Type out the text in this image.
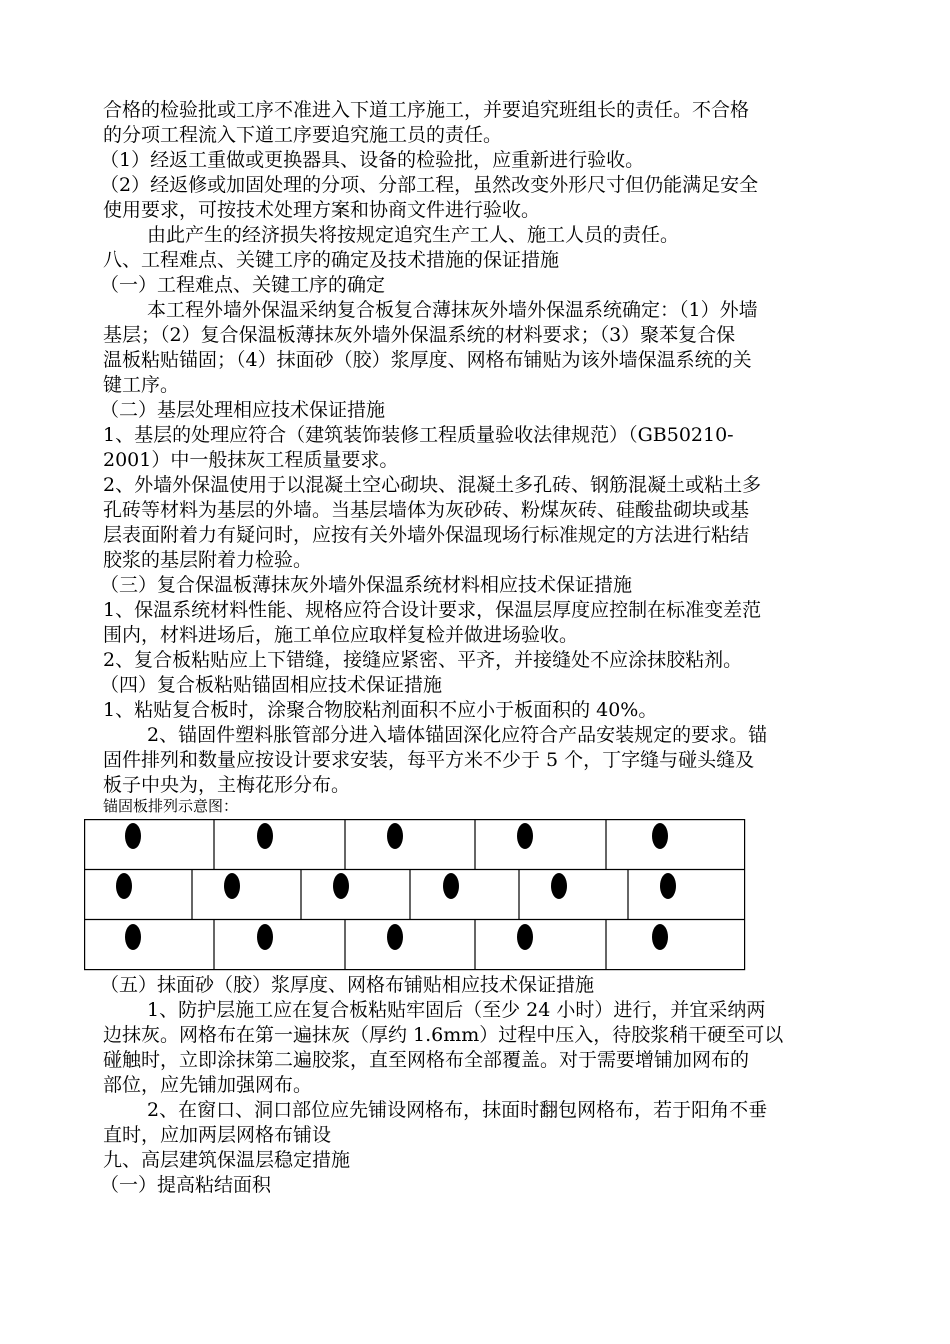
合格的检验批或工序不准进入下道工序施工，并要追究班组长的责任。不合格
的分项工程流入下道工序要追究施工员的责任。
（1）经返工重做或更换器具、设备的检验批，应重新进行验收。
（2）经返修或加固处理的分项、分部工程，虽然改变外形尺寸但仍能满足安全
使用要求，可按技术处理方案和协商文件进行验收。
由此产生的经济损失将按规定追究生产工人、施工人员的责任。
八、工程难点、关键工序的确定及技术措施的保证措施
（一）工程难点、关键工序的确定
本工程外墙外保温采纳复合板复合薄抹灰外墙外保温系统确定：（1）外墙
基层；（2）复合保温板薄抹灰外墙外保温系统的材料要求；（3）聚苯复合保
温板粘贴锚固；（4）抹面砂（胶）浆厚度、网格布铺贴为该外墙保温系统的关
键工序。
（二）基层处理相应技术保证措施
1、基层的处理应符合（建筑装饰装修工程质量验收法律规范）（GB50210-
2001）中一般抹灰工程质量要求。
2、外墙外保温使用于以混凝土空心砌块、混凝土多孔砖、钢筋混凝土或粘土多
孔砖等材料为基层的外墙。当基层墙体为灰砂砖、粉煤灰砖、硅酸盐砌块或基
层表面附着力有疑问时，应按有关外墙外保温现场行标准规定的方法进行粘结
胶浆的基层附着力检验。
（三）复合保温板薄抹灰外墙外保温系统材料相应技术保证措施
1、保温系统材料性能、规格应符合设计要求，保温层厚度应控制在标准变差范
围内，材料进场后，施工单位应取样复检并做进场验收。
2、复合板粘贴应上下错缝，接缝应紧密、平齐，并接缝处不应涂抹胶粘剂。
（四）复合板粘贴锚固相应技术保证措施
1、粘贴复合板时，涂聚合物胶粘剂面积不应小于板面积的 40%。
2、锚固件塑料胀管部分进入墙体锚固深化应符合产品安装规定的要求。锚
固件排列和数量应按设计要求安装，每平方米不少于 5 个，丁字缝与碰头缝及
板子中央为，主梅花形分布。
锚固板排列示意图：
（五）抹面砂（胶）浆厚度、网格布铺贴相应技术保证措施
1、防护层施工应在复合板粘贴牢固后（至少 24 小时）进行，并宜采纳两
边抹灰。网格布在第一遍抹灰（厚约 1.6mm）过程中压入，待胶浆稍干硬至可以
碰触时，立即涂抹第二遍胶浆，直至网格布全部覆盖。对于需要增铺加网布的
部位，应先铺加强网布。
2、在窗口、洞口部位应先铺设网格布，抹面时翻包网格布，若于阳角不垂
直时，应加两层网格布铺设
九、高层建筑保温层稳定措施
（一）提高粘结面积
